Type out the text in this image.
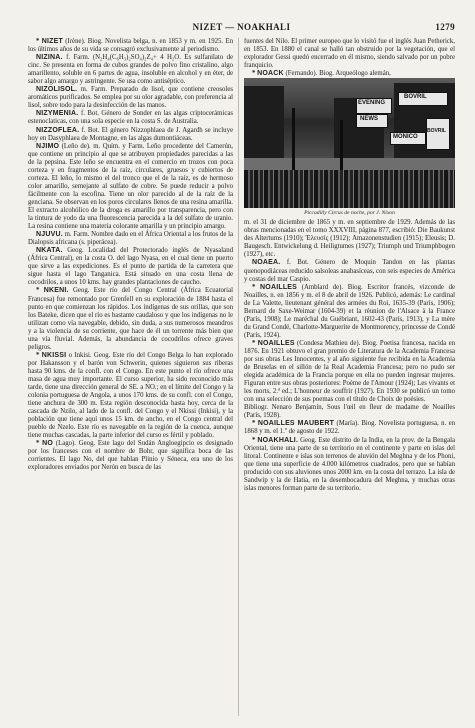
NIZET — NOAKHALI	1279

* NIZET (Irène). Biog. Novelista belga, n. en 1853 y m. en 1925. En los últimos años de su vida se consagró exclusivamente al periodismo.

NIZINA. f. Farm. (N₂H₄(C₆H₃)₂SO₄)₂Z₄+ 4 H₂O. Es sulfanilato de cinc. Se presenta en forma de cubos grandes de polvo fino cristalino, algo amarillento, soluble en 6 partes de agua, insoluble en alcohol y en éter, de sabor algo amargo y astringente. Se usa como antiséptico.

NIZOLISOL. m. Farm. Preparado de lisol, que contiene creosoles aromáticos purificados. Se emplea por su olor agradable, con preferencia al lisol, sobre todo para la desinfección de las manos.

NIZYMENIA. f. Bot. Género de Sonder en las algas criptocerámicas estenoclaticas, con una sola especie en la costa S. de Australia.

NIZZOFLEA. f. Bot. El género Nizzophlaea de J. Agardh se incluye hoy en Dasyphlaea de Montagne, en las algas dumontiáceas.

NJIMO (Leño de). m. Quím. y Farm. Leño procedente del Camerún, que contiene un principio al que se atribuyen propiedades parecidas a las de la pepsina. Este leño se encuentra en el comercio en trozos con poca corteza y en fragmentos de la raíz, circulares, gruesos y cubiertos de corteza. El leño, lo mismo el del tronco que el de la raíz, es de hermoso color amarillo, semejante al sulfato de cobre. Se puede reducir a polvo fácilmente con la escofina. Tiene un olor parecido al de la raíz de la genciana. Se observan en los poros circulares llenos de una resina amarilla. El extracto alcohólico de la droga es amarillo por transparencia, pero con la tintura de yodo da una fluorescencia parecida a la del sulfato de uranio. La resina contiene una materia colorante amarilla y un principio amargo.

NJUVU. m. Farm. Nombre dado en el África Oriental a los frutos de la Dialopsis africana (s. piperácea).

NKATA. Geog. Localidad del Protectorado inglés de Nyasaland (África Central), en la costa O. del lago Nyasa, en el cual tiene un puerto que sirve a las expediciones. Es el punto de partida de la carretera que sigue hasta el lago Tanganica. Está situado en una costa llena de cocodrilos, a unos 10 kms. hay grandes plantaciones de caucho.

* NKENI. Geog. Este río del Congo Central (África Ecuatorial Francesa) fue remontado por Grenfell en su exploración de 1884 hasta el punto en que comienzan los rápidos. Los indígenas de sus orillas, que son los Bateke, dicen que el río es bastante caudaloso y que los indígenas no le utilizan como vía navegable, debido, sin duda, a sus numerosos meandros y a la violencia de su corriente, que hace de él un torrente más bien que una vía fluvial. Además, la abundancia de cocodrilos ofrece graves peligros.

* NKISSI o Inkisi. Geog. Este río del Congo Belga lo han explorado por Hakansson y el barón von Schwerin, quienes siguieron sus riberas hasta 90 kms. de la confl. con el Congo. En este punto el río ofrece una masa de agua muy importante. El curso superior, ha sido reconocido más tarde, tiene una dirección general de SE. a NO.; en el límite del Congo y la colonia portuguesa de Angola, a unos 170 kms. de su confl. con el Congo, tiene anchura de 300 m. Esta región desconocida hasta hoy, cerca de la cascada de Nzilo, al lado de la confl. del Congo y el Nkissi (Inkisi), y la población que tiene aquí unos 15 km. de ancho, en el Congo central del pueblo de Nzelo. Este río es navegable en la región de la cuenca, aunque tiene muchas cascadas, la parte inferior del curso es fértil y poblado.

* NO (Lago). Geog. Este lago del Sudán Angloegipcio es designado por los franceses con el nombre de Bohr, que significa boca de las corrientes. El lago No, del que hablan Plinio y Séneca, era uno de los exploradores enviados por Nerón en busca de las

fuentes del Nilo. El primer europeo que lo visitó fue el inglés Juan Petherick, en 1853. En 1880 el canal se halló tan obstruido por la vegetación, que el explorador Gessi quedó encerrado en él mismo, siendo salvado por un pobre franquicio.

* NOACK (Fernando). Biog. Arqueólogo alemán,

EVENING
NEWS
BOVRIL
MONICO
BOVRIL
Piccadilly Circus de noche, por J. Nixon

m. el 31 de diciembre de 1865 y m. en septiembre de 1929. Además de las obras mencionadas en el tomo XXXVIII, página 877, escribió: Die Baukunst des Altertums (1910); Ἐλευσίς (1912); Amazonenstudien (1915); Eleusis; D. Baugesch. Entwickelung d. Heiligtumes (1927); Triumph und Triumphbogen (1927), etc.

NOAEA. f. Bot. Género de Moquin Tandon en las plantas quenopodiáceas reducido salsoleas anabasíceas, con seis especies de América y costas del mar Caspio.

* NOAILLES (Amblard de). Biog. Escritor francés, vizconde de Noailles, n. en 1856 y m. el 8 de abril de 1926. Publicó, además: Le cardinal de La Valette, lieutenant général des armées du Roi, 1635-39 (París, 1906); Bernard de Saxe-Weimar (1604-39) et la réunion de l'Alsace à la France (París, 1908); Le maréchal du Guébriant, 1602-43 (París, 1913), y La mère du Grand Condé, Charlotte-Marguerite de Montmorency, princesse de Condé (París, 1924).

* NOAILLES (Condesa Mathieu de). Biog. Poetisa francesa, nacida en 1876. En 1921 obtuvo el gran premio de Literatura de la Academia Francesa por sus obras Les Innocentes, y al año siguiente fue recibida en la Academia de Bruselas en el sillón de la Real Academia Francesa; pero no pudo ser elegida académica de la Francia porque en ella no pueden ingresar mujeres. Figuran entre sus obras posteriores: Poème de l'Amour (1924); Les vivants et les morts, 2.ª ed.; L'honneur de souffrir (1927). En 1930 se publicó un tomo con una selección de sus poemas con el título de Choix de poésies.

Bibliogr. Nenaro Benjamín, Sous l'œil en fleur de madame de Noailles (París, 1928).

* NOAILLES MAUBERT (María). Biog. Novelista portuguesa, n. en 1868 y m. el 1.º de agosto de 1922.

* NOAKHALI. Geog. Este distrito de la India, en la prov. de la Bengala Oriental, tiene una parte de su territorio en el continente y parte en islas del litoral. Continente e islas son terrenos de aluvión del Meghna y de los Phoni, que tiene una superficie de 4.000 kilómetros cuadrados, pero que se habían producido con sus aluviones unos 2000 km. en la costa del terrazo. La isla de Sandwip y la de Hatia, en la desembocadura del Meghna, y muchas otras islas menores forman parte de su territorio.
